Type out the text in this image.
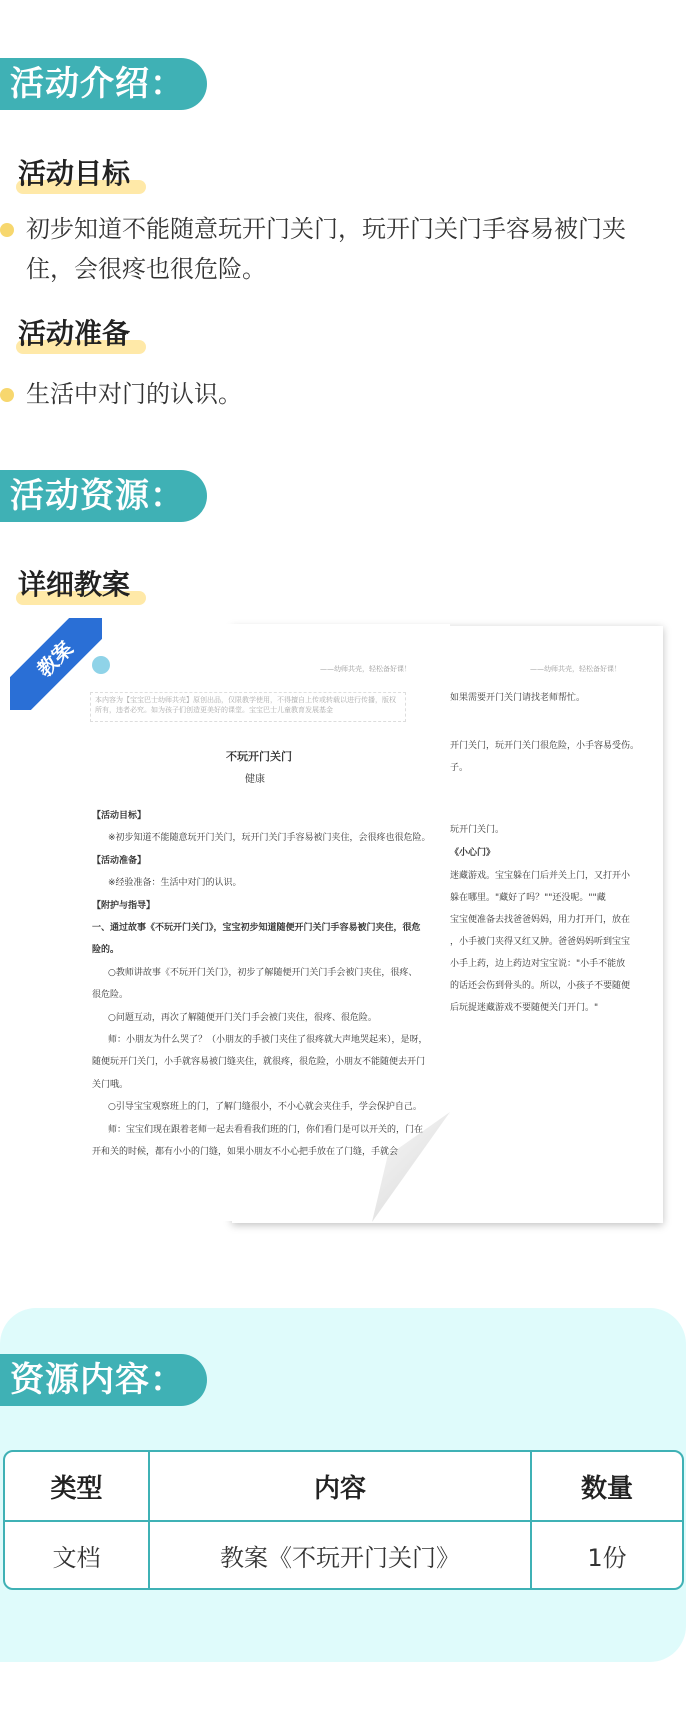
活动介绍：
活动目标
初步知道不能随意玩开门关门，玩开门关门手容易被门夹
住，会很疼也很危险。
活动准备
生活中对门的认识。
活动资源：
详细教案
——幼师共壳，轻松备好课！
如果需要开门关门请找老师帮忙。
开门关门，玩开门关门很危险，小手容易受伤。
子。
玩开门关门。
《小心门》
迷藏游戏。宝宝躲在门后并关上门，又打开小
躲在哪里。"藏好了吗？""还没呢。""藏
宝宝便准备去找爸爸妈妈，用力打开门，放在
，小手被门夹得又红又肿。爸爸妈妈听到宝宝
小手上药，边上药边对宝宝说："小手不能放
的话还会伤到骨头的。所以，小孩子不要随便
后玩捉迷藏游戏不要随便关门开门。"
教案	——幼师共壳，轻松备好课！
本内容为【宝宝巴士幼师共壳】原创出品，仅限教学使用，不得擅自上传或转载以进行传播，版权所有，违者必究。如为孩子们创造更美好的课堂。宝宝巴士儿童教育发展基金
不玩开门关门
健康
【活动目标】
※初步知道不能随意玩开门关门，玩开门关门手容易被门夹住，会很疼也很危险。
【活动准备】
※经验准备：生活中对门的认识。
【附护与指导】
一、通过故事《不玩开门关门》，宝宝初步知道随便开门关门手容易被门夹住，很危
险的。
○教师讲故事《不玩开门关门》，初步了解随便开门关门手会被门夹住，很疼、
很危险。
○问题互动，再次了解随便开门关门手会被门夹住，很疼、很危险。
师：小朋友为什么哭了？（小朋友的手被门夹住了很疼就大声地哭起来），是呀，
随便玩开门关门，小手就容易被门缝夹住，就很疼，很危险，小朋友不能随便去开门
关门哦。
○引导宝宝观察班上的门，了解门缝很小，不小心就会夹住手，学会保护自己。
师：宝宝们现在跟着老师一起去看看我们班的门，你们看门是可以开关的，门在
开和关的时候，都有小小的门缝，如果小朋友不小心把手放在了门缝，手就会
资源内容：
类型	内容	数量
文档	教案《不玩开门关门》	1份
